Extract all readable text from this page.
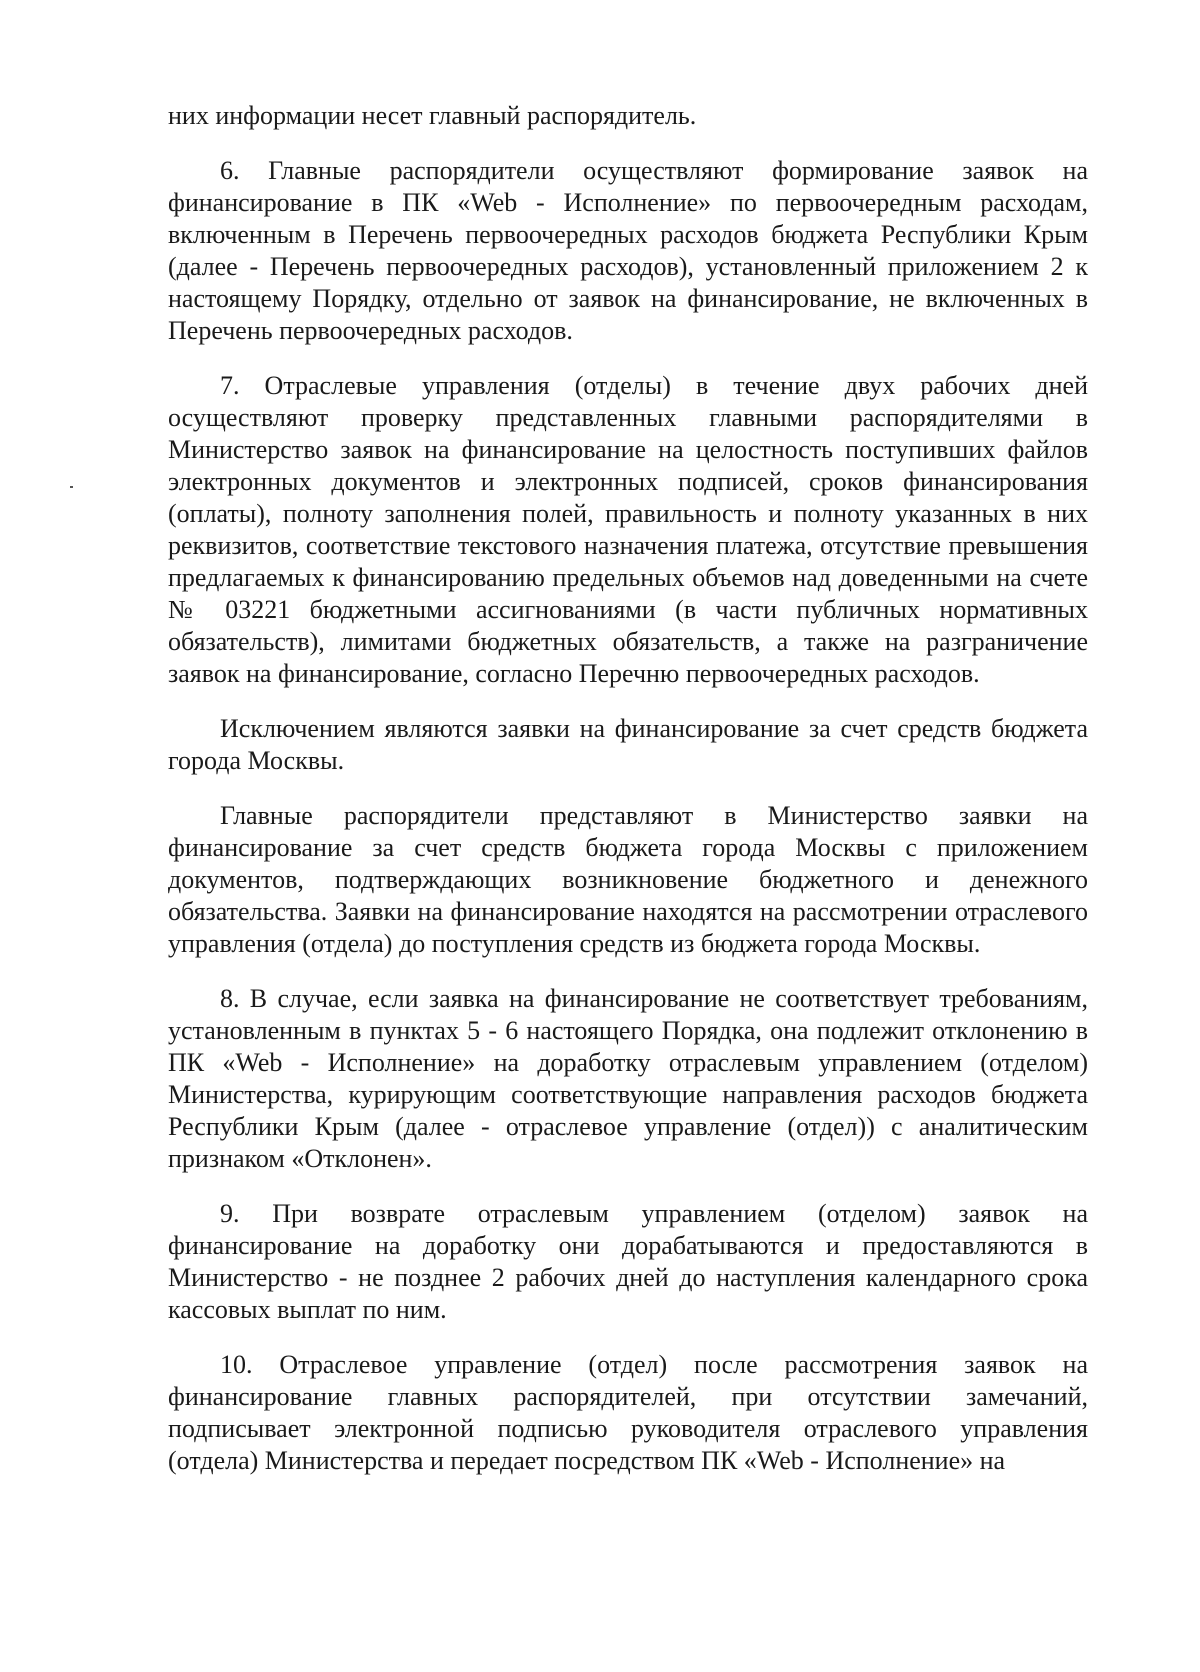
них информации несет главный распорядитель.

6. Главные распорядители осуществляют формирование заявок на финансирование в ПК «Web - Исполнение» по первоочередным расходам, включенным в Перечень первоочередных расходов бюджета Республики Крым (далее - Перечень первоочередных расходов), установленный приложением 2 к настоящему Порядку, отдельно от заявок на финансирование, не включенных в Перечень первоочередных расходов.

7. Отраслевые управления (отделы) в течение двух рабочих дней осуществляют проверку представленных главными распорядителями в Министерство заявок на финансирование на целостность поступивших файлов электронных документов и электронных подписей, сроков финансирования (оплаты), полноту заполнения полей, правильность и полноту указанных в них реквизитов, соответствие текстового назначения платежа, отсутствие превышения предлагаемых к финансированию предельных объемов над доведенными на счете № 03221 бюджетными ассигнованиями (в части публичных нормативных обязательств), лимитами бюджетных обязательств, а также на разграничение заявок на финансирование, согласно Перечню первоочередных расходов.

Исключением являются заявки на финансирование за счет средств бюджета города Москвы.

Главные распорядители представляют в Министерство заявки на финансирование за счет средств бюджета города Москвы с приложением документов, подтверждающих возникновение бюджетного и денежного обязательства. Заявки на финансирование находятся на рассмотрении отраслевого управления (отдела) до поступления средств из бюджета города Москвы.

8. В случае, если заявка на финансирование не соответствует требованиям, установленным в пунктах 5 - 6 настоящего Порядка, она подлежит отклонению в ПК «Web - Исполнение» на доработку отраслевым управлением (отделом) Министерства, курирующим соответствующие направления расходов бюджета Республики Крым (далее - отраслевое управление (отдел)) с аналитическим признаком «Отклонен».

9. При возврате отраслевым управлением (отделом) заявок на финансирование на доработку они дорабатываются и предоставляются в Министерство - не позднее 2 рабочих дней до наступления календарного срока кассовых выплат по ним.

10. Отраслевое управление (отдел) после рассмотрения заявок на финансирование главных распорядителей, при отсутствии замечаний, подписывает электронной подписью руководителя отраслевого управления (отдела) Министерства и передает посредством ПК «Web - Исполнение» на
